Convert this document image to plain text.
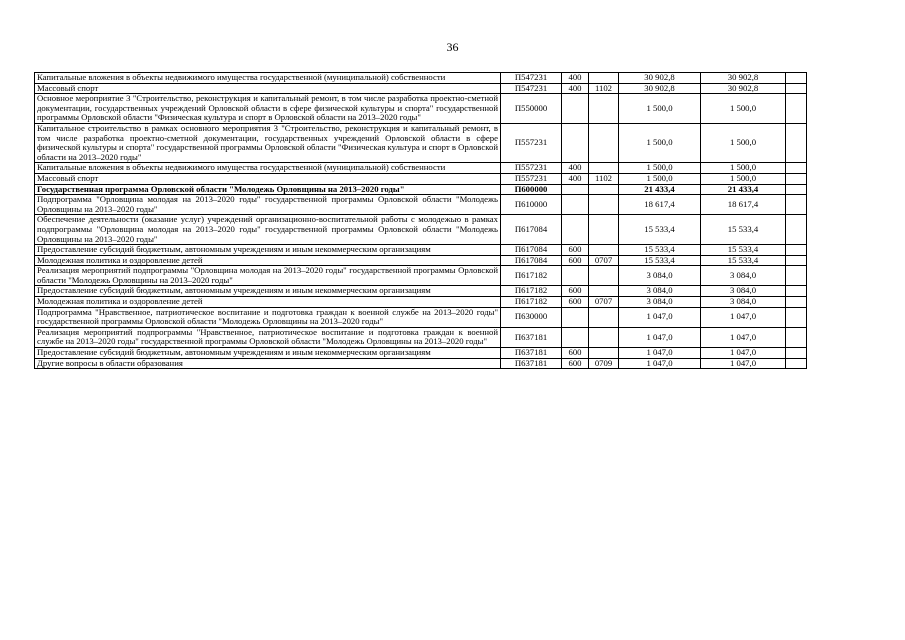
36
Капитальные вложения в объекты недвижимого имущества государственной (муниципальной) собственности	П547231	400		30 902,8	30 902,8	
Массовый спорт	П547231	400	1102	30 902,8	30 902,8	
Основное мероприятие 3 "Строительство, реконструкция и капитальный ремонт, в том числе разработка проектно-сметной документации, государственных учреждений Орловской области в сфере физической культуры и спорта" государственной программы Орловской области "Физическая культура и спорт в Орловской области на 2013–2020 годы"	П550000			1 500,0	1 500,0	
Капитальное строительство в рамках основного мероприятия 3 "Строительство, реконструкция и капитальный ремонт, в том числе разработка проектно-сметной документации, государственных учреждений Орловской области в сфере физической культуры и спорта" государственной программы Орловской области "Физическая культура и спорт в Орловской области на 2013–2020 годы"	П557231			1 500,0	1 500,0	
Капитальные вложения в объекты недвижимого имущества государственной (муниципальной) собственности	П557231	400		1 500,0	1 500,0	
Массовый спорт	П557231	400	1102	1 500,0	1 500,0	
Государственная программа Орловской области "Молодежь Орловщины на 2013–2020 годы"	П600000			21 433,4	21 433,4	
Подпрограмма "Орловщина молодая на 2013–2020 годы" государственной программы Орловской области "Молодежь Орловщины на 2013–2020 годы"	П610000			18 617,4	18 617,4	
Обеспечение деятельности (оказание услуг) учреждений организационно-воспитательной работы с молодежью в рамках подпрограммы "Орловщина молодая на 2013–2020 годы" государственной программы Орловской области "Молодежь Орловщины на 2013–2020 годы"	П617084			15 533,4	15 533,4	
Предоставление субсидий бюджетным, автономным учреждениям и иным некоммерческим организациям	П617084	600		15 533,4	15 533,4	
Молодежная политика и оздоровление детей	П617084	600	0707	15 533,4	15 533,4	
Реализация мероприятий подпрограммы "Орловщина молодая на 2013–2020 годы" государственной программы Орловской области "Молодежь Орловщины на 2013–2020 годы"	П617182			3 084,0	3 084,0	
Предоставление субсидий бюджетным, автономным учреждениям и иным некоммерческим организациям	П617182	600		3 084,0	3 084,0	
Молодежная политика и оздоровление детей	П617182	600	0707	3 084,0	3 084,0	
Подпрограмма "Нравственное, патриотическое воспитание и подготовка граждан к военной службе на 2013–2020 годы" государственной программы Орловской области "Молодежь Орловщины на 2013–2020 годы"	П630000			1 047,0	1 047,0	
Реализация мероприятий подпрограммы "Нравственное, патриотическое воспитание и подготовка граждан к военной службе на 2013–2020 годы" государственной программы Орловской области "Молодежь Орловщины на 2013–2020 годы"	П637181			1 047,0	1 047,0	
Предоставление субсидий бюджетным, автономным учреждениям и иным некоммерческим организациям	П637181	600		1 047,0	1 047,0	
Другие вопросы в области образования	П637181	600	0709	1 047,0	1 047,0	
